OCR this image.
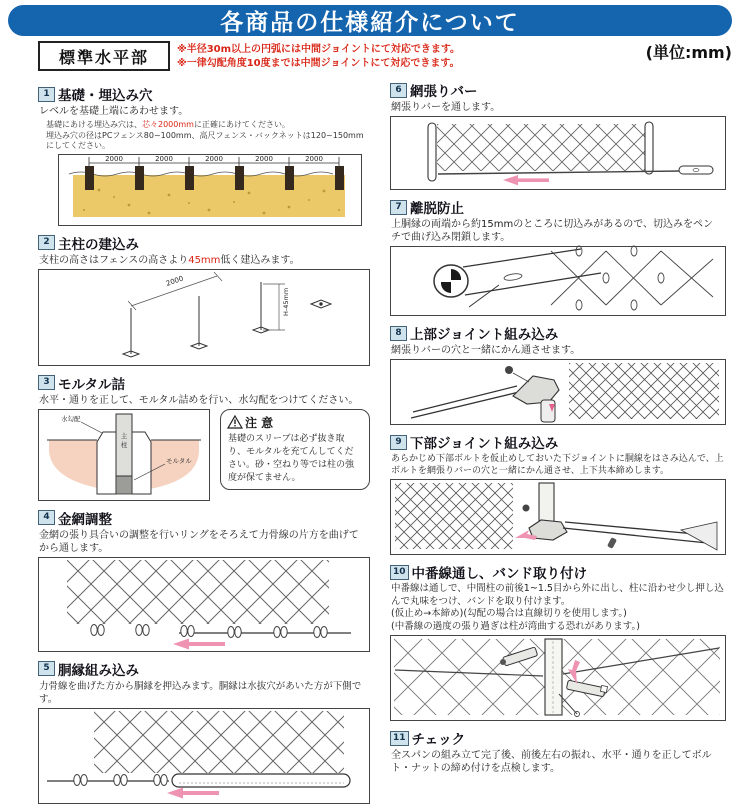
各商品の仕様紹介について
標準水平部	※半径30m以上の円弧には中間ジョイントにて対応できます。
※一律勾配角度10度までは中間ジョイントにて対応できます。
(単位:mm)
1 基礎・埋込み穴
レベルを基礎上端にあわせます。
基礎にあける埋込み穴は、芯々2000mmに正確にあけてください。
埋込み穴の径はPCフェンス80~100mm、高尺フェンス・バックネットは120~150mmにしてください。
2000	2000	2000	2000	2000
2 主柱の建込み
支柱の高さはフェンスの高さより45mm低く建込みます。
2000
H-45mm
3 モルタル詰
水平・通りを正して、モルタル詰めを行い、水勾配をつけてください。
主
柱
水勾配
モルタル
注 意
基礎のスリーブは必ず抜き取り、モルタルを充てんしてください。砂・空ねり等では柱の強度が保てません。
4 金網調整
金網の張り具合いの調整を行いリングをそろえて力骨線の片方を曲げてから通します。
5 胴縁組み込み
力骨線を曲げた方から胴縁を押込みます。胴縁は水抜穴があいた方が下側です。
6 網張りバー
網張りバーを通します。
7 離脱防止
上胴縁の両端から約15mmのところに切込みがあるので、切込みをペンチで曲げ込み閉鎖します。
8 上部ジョイント組み込み
網張りバーの穴と一緒にかん通させます。
9 下部ジョイント組み込み
あらかじめ下部ボルトを仮止めしておいた下ジョイントに胴線をはさみ込んで、上ボルトを網張りバーの穴と一緒にかん通させ、上下共本締めします。
10 中番線通し、バンド取り付け
中番線は通しで、中間柱の前後1~1.5目から外に出し、柱に沿わせ少し押し込んで丸味をつけ、バンドを取り付けます。
(仮止め→本締め)(勾配の場合は直線切りを使用します。)
(中番線の過度の張り過ぎは柱が湾曲する恐れがあります。)
11 チェック
全スパンの組み立て完了後、前後左右の振れ、水平・通りを正してボルト・ナットの締め付けを点検します。
